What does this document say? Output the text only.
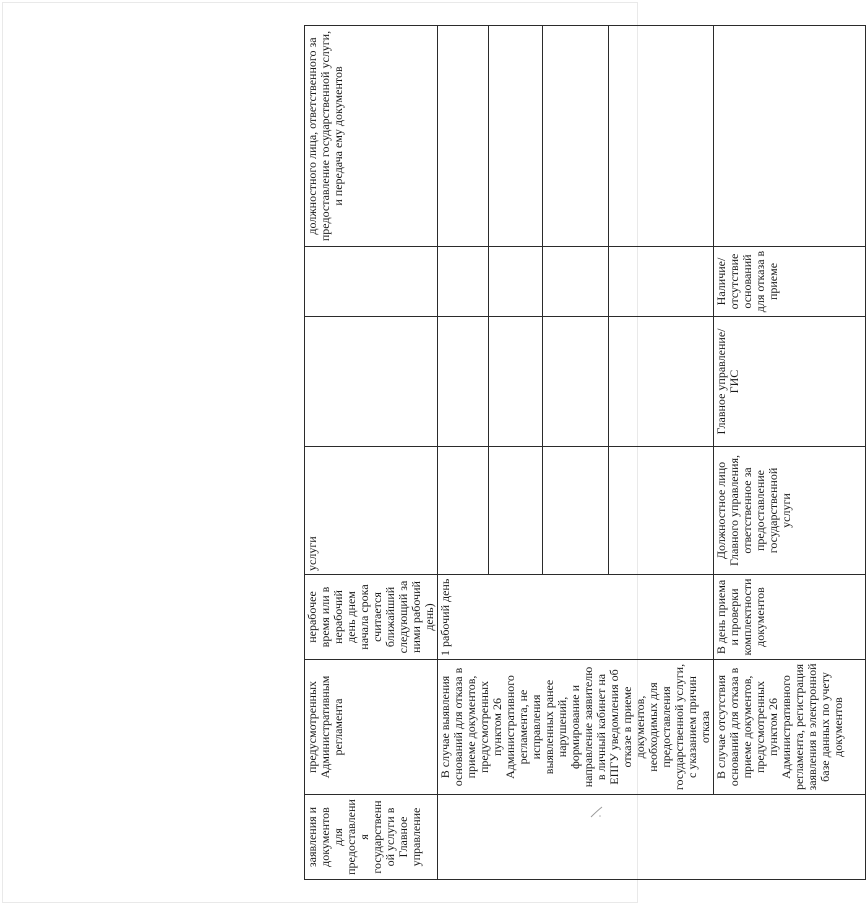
заявления и документов для предоставления государственной услуги в Главное управление	предусмотренных Административным регламента	нерабочее время или в нерабочий день днем начала срока считается ближайший следующий за ними рабочий день)	услуги			должностного лица, ответственного за предоставление государственной услуги, и передача ему документов

	В случае выявления оснований для отказа в приеме документов, предусмотренных пунктом 26 Административного регламента, не исправления выявленных ранее нарушений, формирование и направление заявителю в личный кабинет на ЕПГУ уведомления об отказе в приеме документов, необходимых для предоставления государственной услуги, с указанием причин отказа	1 рабочий день				

	В случае отсутствия оснований для отказа в приеме документов, предусмотренных пунктом 26 Административного регламента, регистрация заявления в электронной базе данных по учету документов	В день приема и проверки комплектности документов	Должностное лицо Главного управления, ответственное за предоставление государственной услуги	Главное управление/ГИС	Наличие/отсутствие оснований для отказа в приеме	
